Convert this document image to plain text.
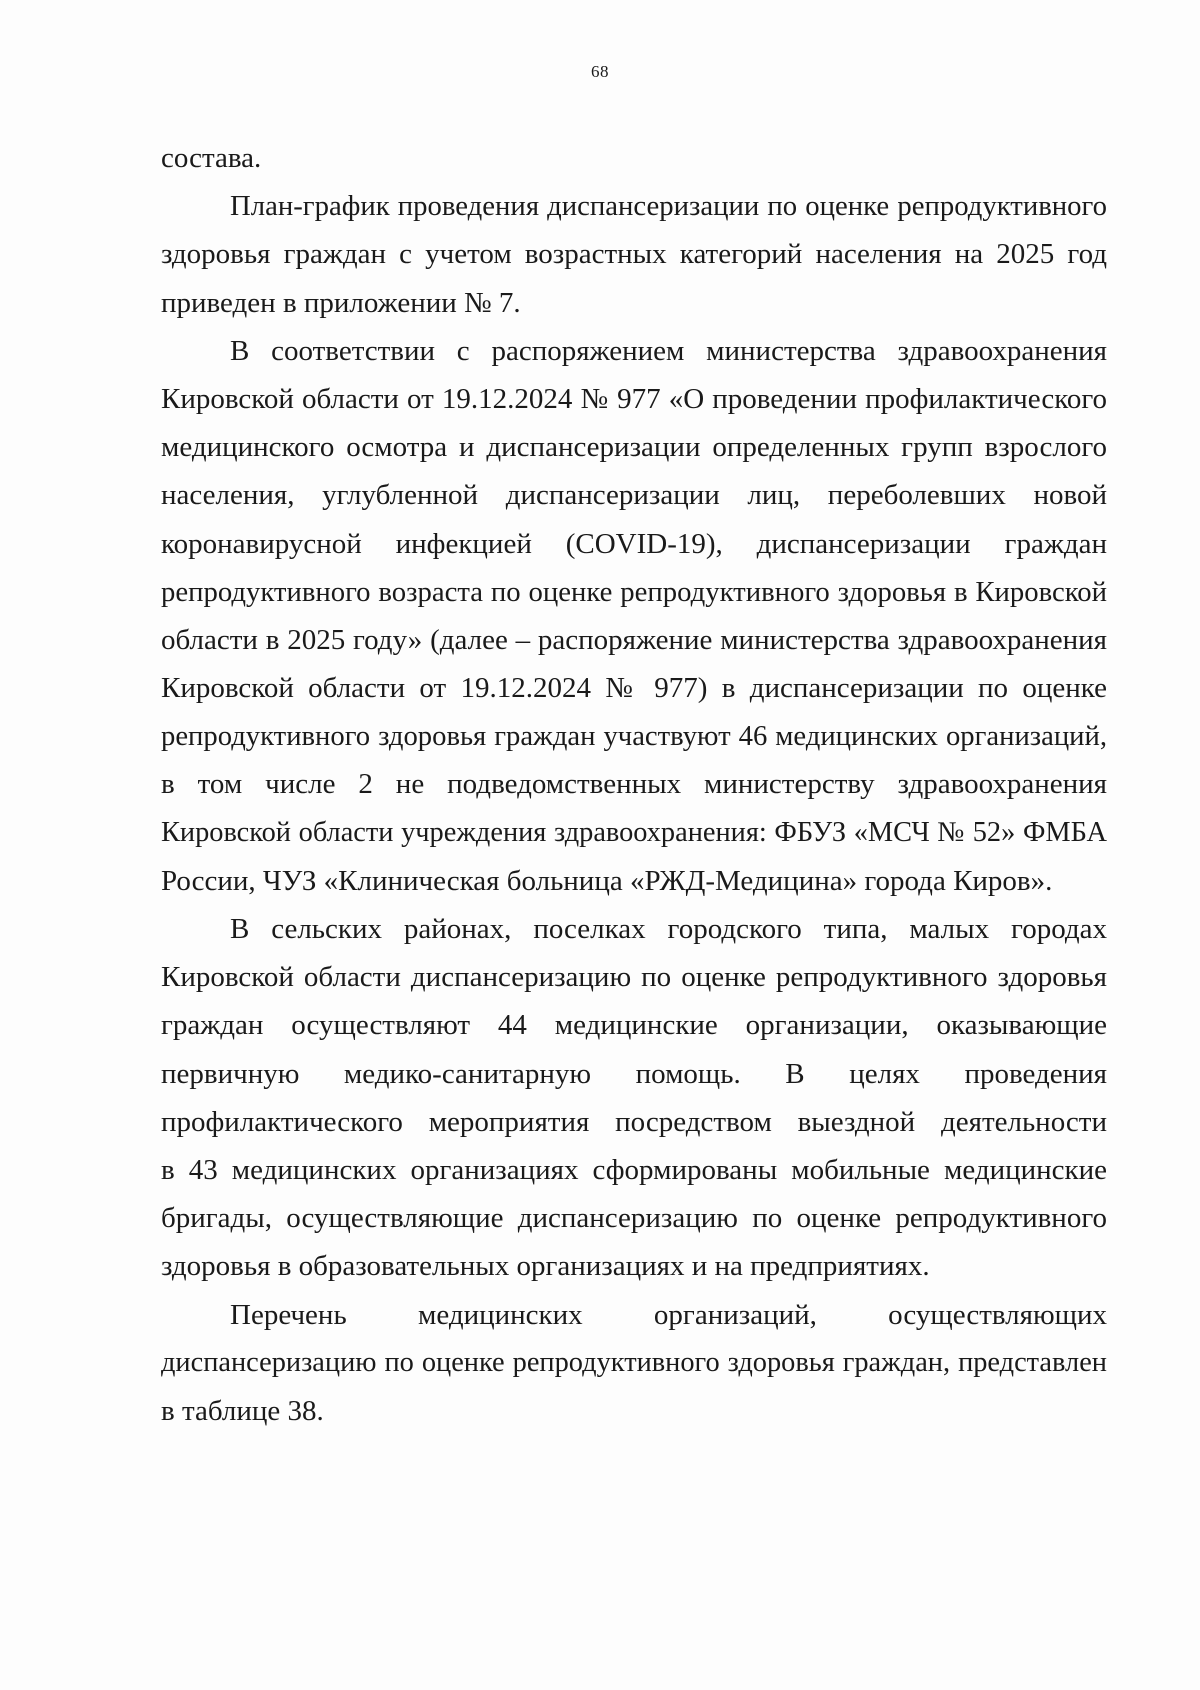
68
состава.
План-график проведения диспансеризации по оценке репродуктивного
здоровья граждан с учетом возрастных категорий населения на 2025 год
приведен в приложении № 7.
В соответствии с распоряжением министерства здравоохранения
Кировской области от 19.12.2024 № 977 «О проведении профилактического
медицинского осмотра и диспансеризации определенных групп взрослого
населения, углубленной диспансеризации лиц, переболевших новой
коронавирусной инфекцией (COVID-19), диспансеризации граждан
репродуктивного возраста по оценке репродуктивного здоровья в Кировской
области в 2025 году» (далее – распоряжение министерства здравоохранения
Кировской области от 19.12.2024 № 977) в диспансеризации по оценке
репродуктивного здоровья граждан участвуют 46 медицинских организаций,
в том числе 2 не подведомственных министерству здравоохранения
Кировской области учреждения здравоохранения: ФБУЗ «МСЧ № 52» ФМБА
России, ЧУЗ «Клиническая больница «РЖД-Медицина» города Киров».
В сельских районах, поселках городского типа, малых городах
Кировской области диспансеризацию по оценке репродуктивного здоровья
граждан осуществляют 44 медицинские организации, оказывающие
первичную медико-санитарную помощь. В целях проведения
профилактического мероприятия посредством выездной деятельности
в 43 медицинских организациях сформированы мобильные медицинские
бригады, осуществляющие диспансеризацию по оценке репродуктивного
здоровья в образовательных организациях и на предприятиях.
Перечень медицинских организаций, осуществляющих
диспансеризацию по оценке репродуктивного здоровья граждан, представлен
в таблице 38.
